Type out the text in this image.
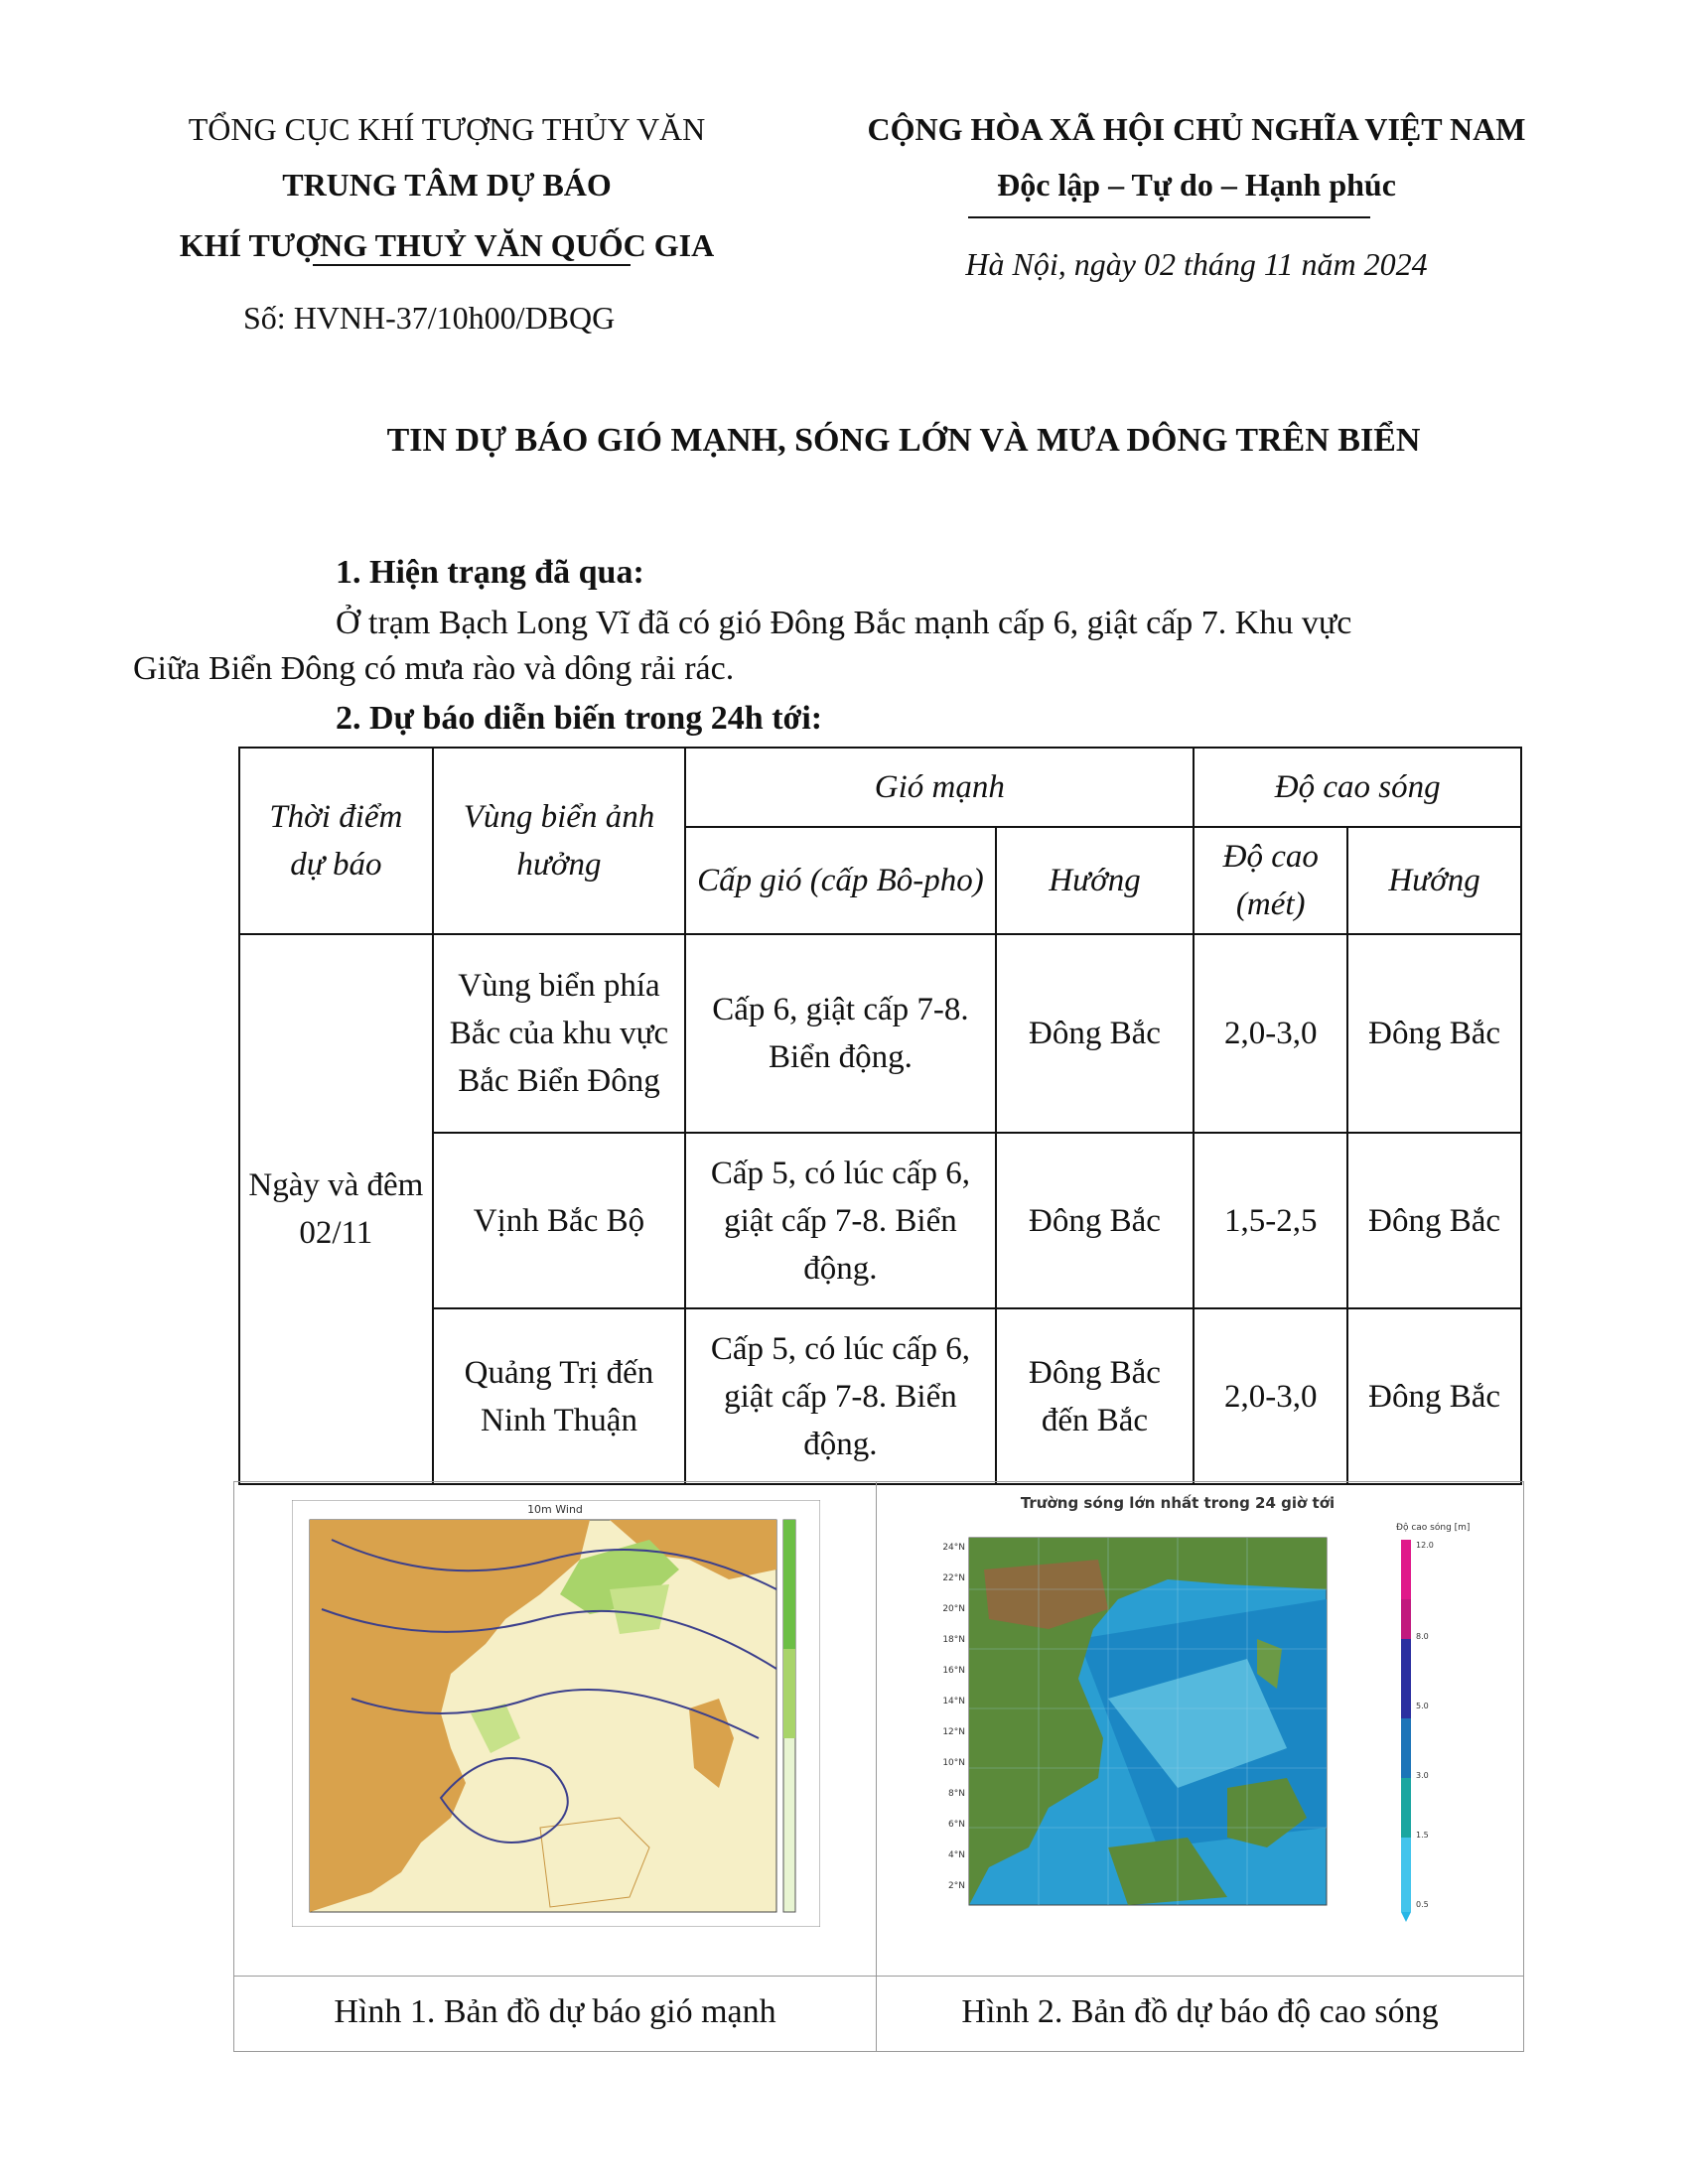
TỔNG CỤC KHÍ TƯỢNG THỦY VĂN
TRUNG TÂM DỰ BÁO
KHÍ TƯỢNG THUỶ VĂN QUỐC GIA
Số: HVNH-37/10h00/DBQG
CỘNG HÒA XÃ HỘI CHỦ NGHĨA VIỆT NAM
Độc lập – Tự do – Hạnh phúc
Hà Nội, ngày 02 tháng 11 năm 2024
TIN DỰ BÁO GIÓ MẠNH, SÓNG LỚN VÀ MƯA DÔNG TRÊN BIỂN
1. Hiện trạng đã qua:
Ở trạm Bạch Long Vĩ đã có gió Đông Bắc mạnh cấp 6, giật cấp 7. Khu vực
Giữa Biển Đông có mưa rào và dông rải rác.
2. Dự báo diễn biến trong 24h tới:
Thời điểm dự báo	Vùng biển ảnh hưởng	Gió mạnh		Độ cao sóng	
		Cấp gió (cấp Bô-pho)	Hướng	Độ cao (mét)	Hướng
Ngày và đêm 02/11	Vùng biển phía Bắc của khu vực Bắc Biển Đông	Cấp 6, giật cấp 7-8. Biển động.	Đông Bắc	2,0-3,0	Đông Bắc
	Vịnh Bắc Bộ	Cấp 5, có lúc cấp 6, giật cấp 7-8. Biển động.	Đông Bắc	1,5-2,5	Đông Bắc
	Quảng Trị đến Ninh Thuận	Cấp 5, có lúc cấp 6, giật cấp 7-8. Biển động.	Đông Bắc đến Bắc	2,0-3,0	Đông Bắc
10m Wind	Trường sóng lớn nhất trong 24 giờ tới
Độ cao sóng [m]
24°N
22°N
20°N
18°N
16°N
14°N
12°N
10°N
8°N
6°N
4°N
2°N
12.0
8.0
5.0
3.0
1.5
0.5
Hình 1. Bản đồ dự báo gió mạnh	Hình 2. Bản đồ dự báo độ cao sóng
